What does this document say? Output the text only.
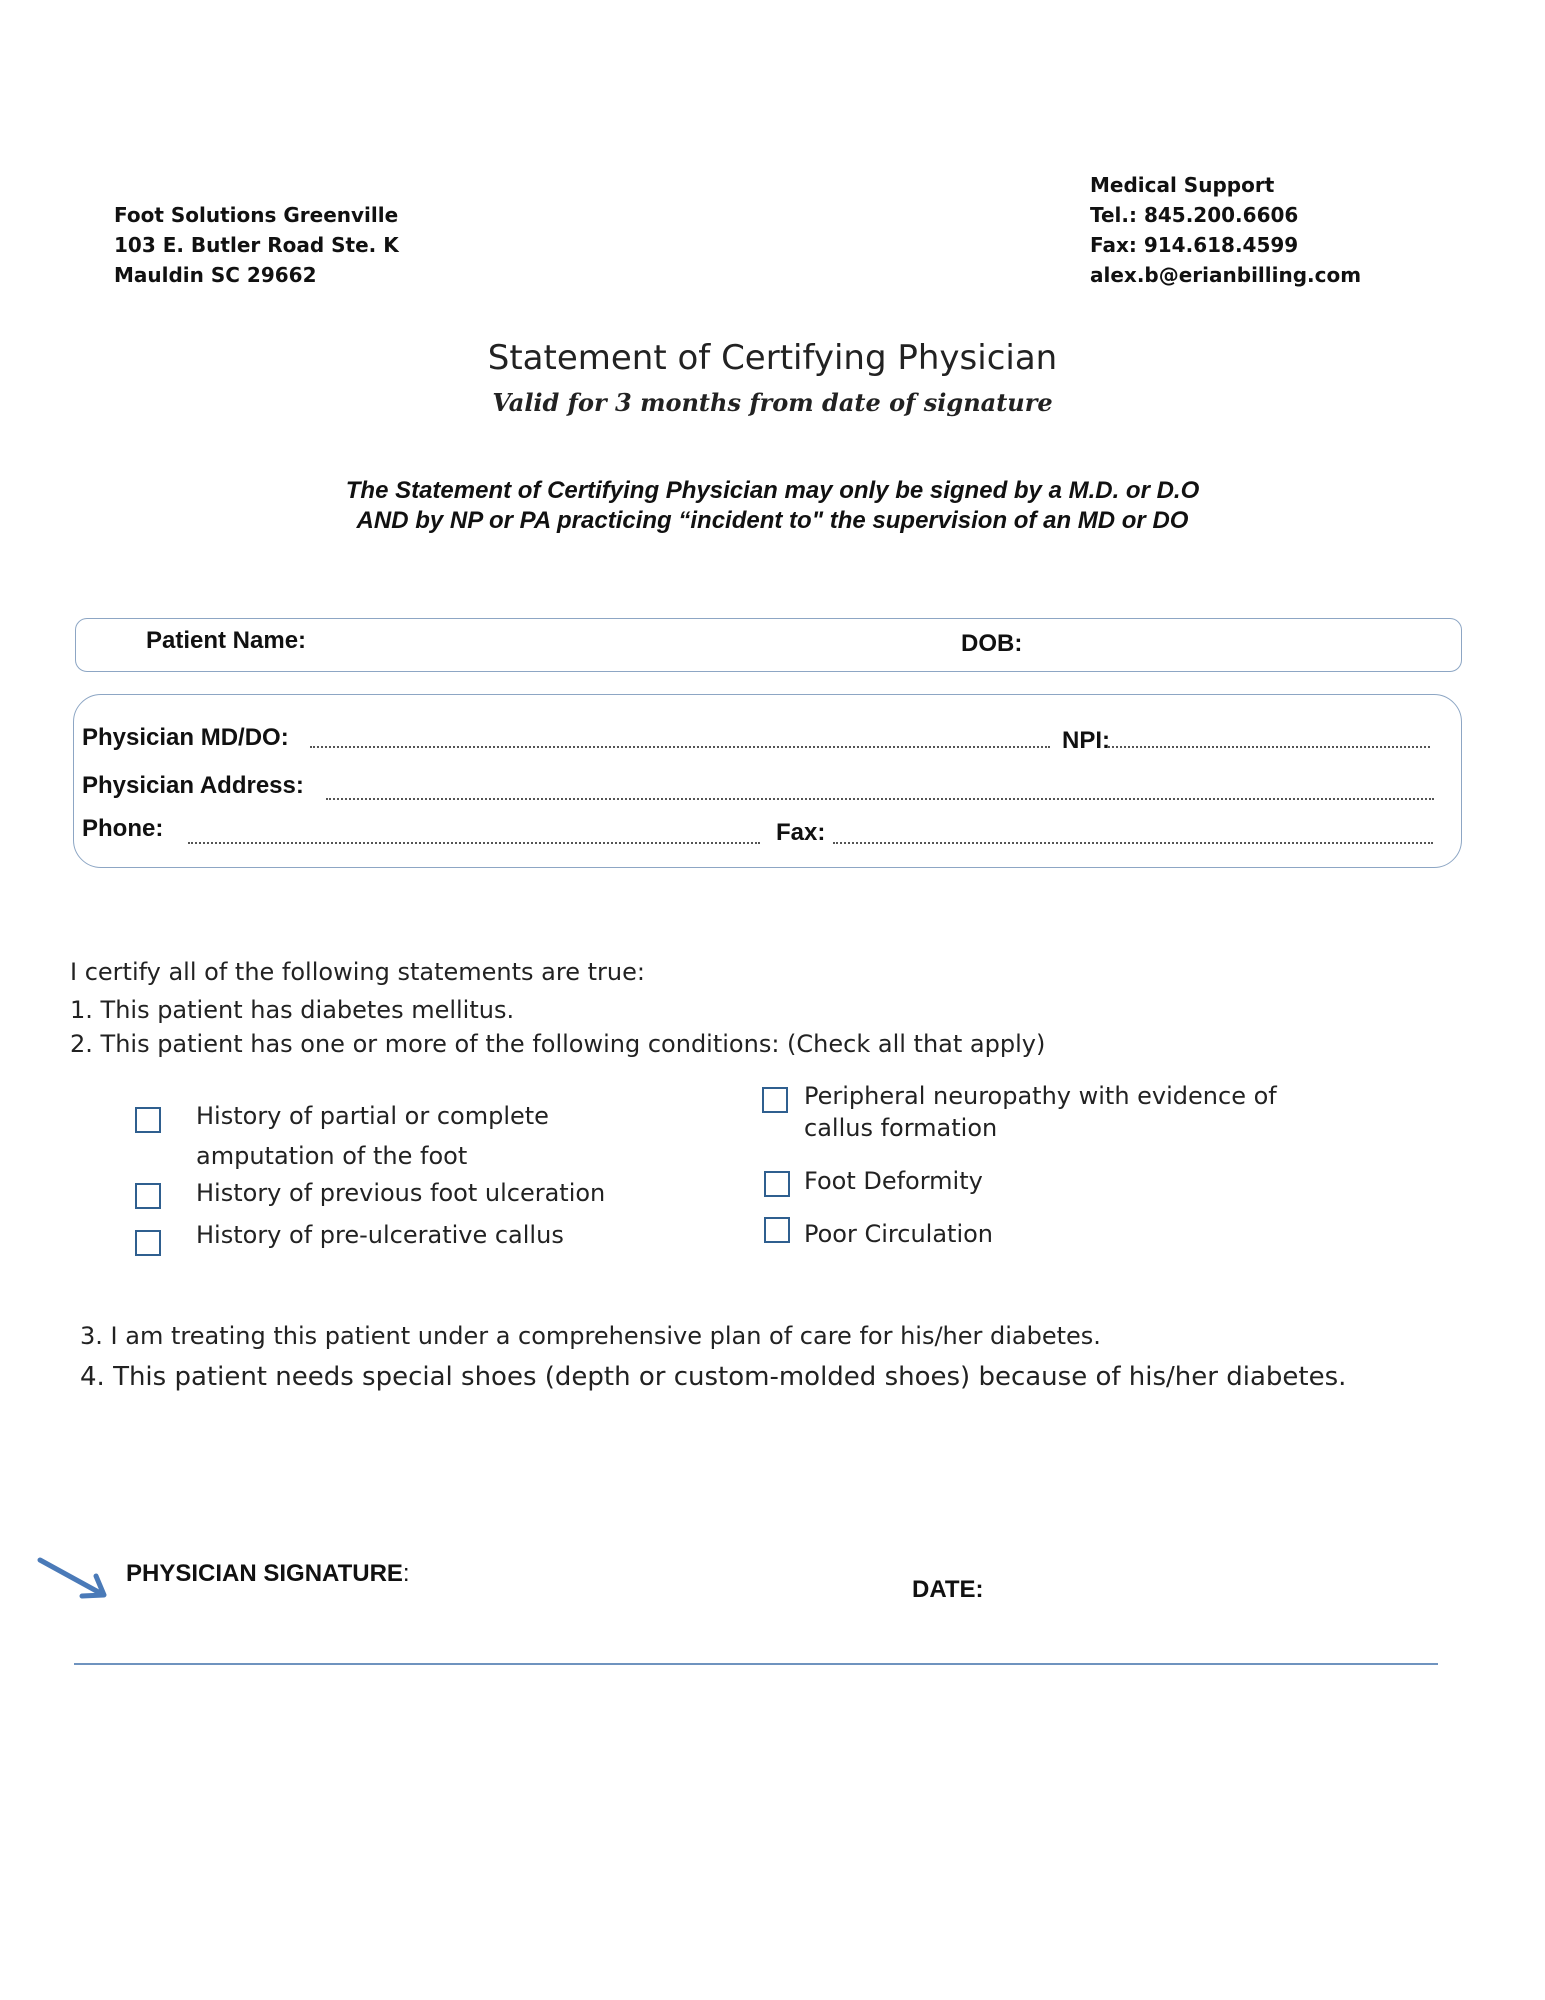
Foot Solutions Greenville
103 E. Butler Road Ste. K
Mauldin SC 29662
Medical Support
Tel.: 845.200.6606
Fax: 914.618.4599
alex.b@erianbilling.com
Statement of Certifying Physician
Valid for 3 months from date of signature
The Statement of Certifying Physician may only be signed by a M.D. or D.O
AND by NP or PA practicing “incident to" the supervision of an MD or DO
Patient Name:	DOB:
Physician MD/DO:	NPI:
Physician Address:
Phone:	Fax:
I certify all of the following statements are true:
1. This patient has diabetes mellitus.
2. This patient has one or more of the following conditions: (Check all that apply)
History of partial or complete amputation of the foot
History of previous foot ulceration
History of pre-ulcerative callus
Peripheral neuropathy with evidence of callus formation
Foot Deformity
Poor Circulation
3. I am treating this patient under a comprehensive plan of care for his/her diabetes.
4. This patient needs special shoes (depth or custom-molded shoes) because of his/her diabetes.
PHYSICIAN SIGNATURE:
DATE:
